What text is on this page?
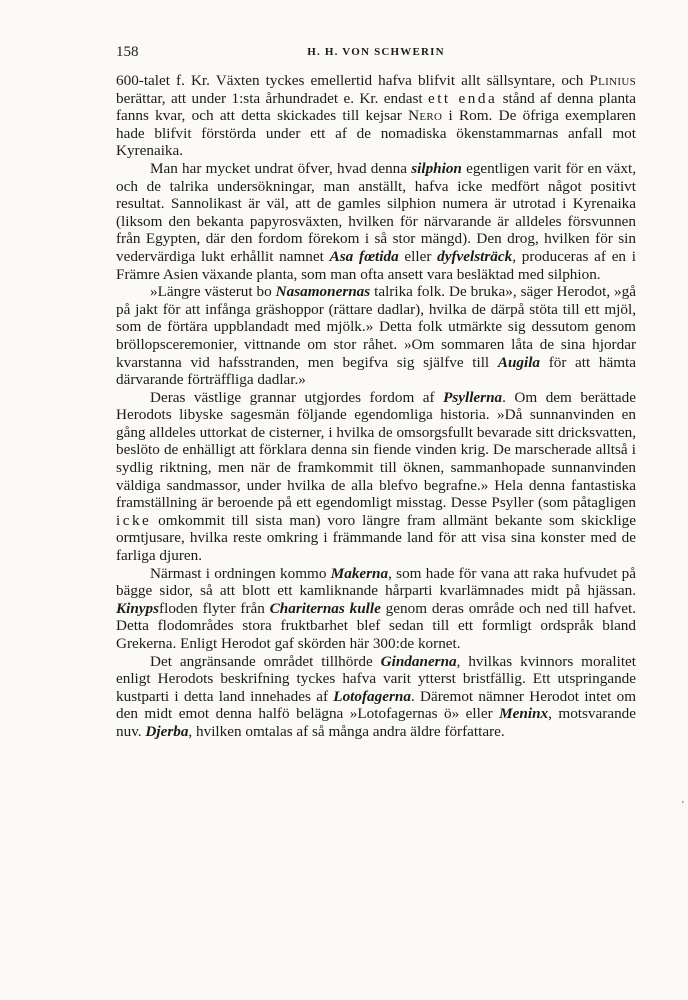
158	H. H. VON SCHWERIN

600-talet f. Kr. Växten tyckes emellertid hafva blifvit allt sällsyntare, och Plinius berättar, att under 1:sta århundradet e. Kr. endast ett enda stånd af denna planta fanns kvar, och att detta skickades till kejsar Nero i Rom. De öfriga exemplaren hade blifvit förstörda under ett af de nomadiska ökenstammarnas anfall mot Kyrenaika.

Man har mycket undrat öfver, hvad denna silphion egentligen varit för en växt, och de talrika undersökningar, man anställt, hafva icke medfört något positivt resultat. Sannolikast är väl, att de gamles silphion numera är utrotad i Kyrenaika (liksom den bekanta papyrosväxten, hvilken för närvarande är alldeles försvunnen från Egypten, där den fordom förekom i så stor mängd). Den drog, hvilken för sin vedervärdiga lukt erhållit namnet Asa fœtida eller dyfvelsträck, produceras af en i Främre Asien växande planta, som man ofta ansett vara besläktad med silphion.

»Längre västerut bo Nasamonernas talrika folk. De bruka», säger Herodot, »gå på jakt för att infånga gräshoppor (rättare dadlar), hvilka de därpå stöta till ett mjöl, som de förtära uppblandadt med mjölk.» Detta folk utmärkte sig dessutom genom bröllopsceremonier, vittnande om stor råhet. »Om sommaren låta de sina hjordar kvarstanna vid hafsstranden, men begifva sig själfve till Augila för att hämta därvarande förträffliga dadlar.»

Deras västlige grannar utgjordes fordom af Psyllerna. Om dem berättade Herodots libyske sagesmän följande egendomliga historia. »Då sunnanvinden en gång alldeles uttorkat de cisterner, i hvilka de omsorgsfullt bevarade sitt dricksvatten, beslöto de enhälligt att förklara denna sin fiende vinden krig. De marscherade alltså i sydlig riktning, men när de framkommit till öknen, sammanhopade sunnanvinden väldiga sandmassor, under hvilka de alla blefvo begrafne.» Hela denna fantastiska framställning är beroende på ett egendomligt misstag. Desse Psyller (som påtagligen icke omkommit till sista man) voro längre fram allmänt bekante som skicklige ormtjusare, hvilka reste omkring i främmande land för att visa sina konster med de farliga djuren.

Närmast i ordningen kommo Makerna, som hade för vana att raka hufvudet på bägge sidor, så att blott ett kamliknande hårparti kvarlämnades midt på hjässan. Kinypsfloden flyter från Chariternas kulle genom deras område och ned till hafvet. Detta flodområdes stora fruktbarhet blef sedan till ett formligt ordspråk bland Grekerna. Enligt Herodot gaf skörden här 300:de kornet.

Det angränsande området tillhörde Gindanerna, hvilkas kvinnors moralitet enligt Herodots beskrifning tyckes hafva varit ytterst bristfällig. Ett utspringande kustparti i detta land innehades af Lotofagerna. Däremot nämner Herodot intet om den midt emot denna halfö belägna »Lotofagernas ö» eller Meninx, motsvarande nuv. Djerba, hvilken omtalas af så många andra äldre författare.

'
